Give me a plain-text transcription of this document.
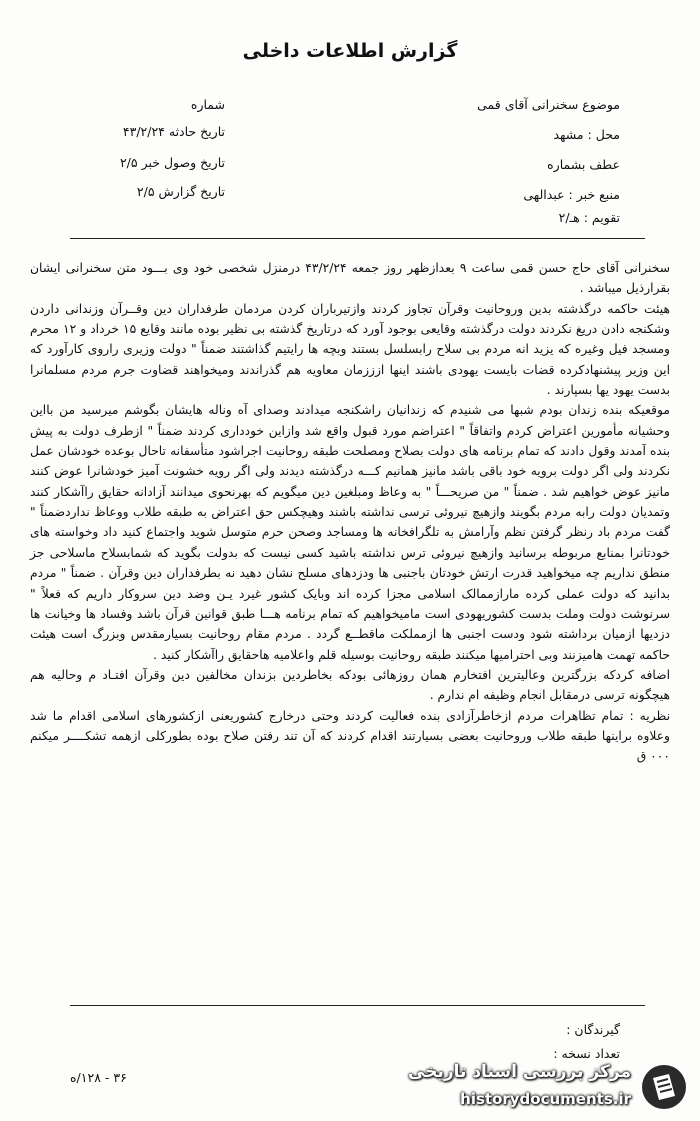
گزارش اطلاعات داخلی
موضوع سخنرانی آقای قمی
محل : مشهد
عطف بشماره
منبع خبر : عبدالهی
تقویم : هـ/۲
شماره
تاریخ حادثه ۴۳/۲/۲۴
تاریخ وصول خبر ۲/۵
تاریخ گزارش ۲/۵

سخنرانی آقای حاج حسن قمی ساعت ۹ بعدازظهر روز جمعه ۴۳/۲/۲۴ درمنزل شخصی خود وی بـــود متن سخنرانی ایشان بقرارذیل میباشد .

هیئت حاکمه درگذشته بدین وروحانیت وقرآن تجاوز کردند وازتیرباران کردن مردمان طرفداران دین وقــرآن وزندانی داردن وشکنجه دادن دریغ نکردند دولت درگذشته وقایعی بوجود آورد که درتاریخ گذشته بی نظیر بوده مانند وقایع ۱۵ خرداد و ۱۲ محرم ومسجد فیل وغیره که یزید انه مردم بی سلاح رابسلسل بستند وبچه ها رایتیم گذاشتند ضمناً " دولت وزیری راروی کارآورد که این وزیر پیشنهادکرده قضات بایست یهودی باشند اینها ازززمان معاویه هم گذراندند ومیخواهند قضاوت جرم مردم مسلمانرا بدست یهود یها بسپارند .

موقعیکه بنده زندان بودم شبها می شنیدم که زندانیان راشکنجه میدادند وصدای آه وناله هایشان بگوشم میرسید من بااین وحشیانه مأمورین اعتراض کردم واتفاقاً " اعتراضم مورد قبول واقع شد وازاین خودداری کردند ضمناً " ازطرف دولت به پیش بنده آمدند وقول دادند که تمام برنامه های دولت بصلاح ومصلحت طبقه روحانیت اجراشود متأسفانه تاحال بوعده خودشان عمل نکردند ولی اگر دولت برویه خود باقی باشد مانیز همانیم کـــه درگذشته دیدند ولی اگر رویه خشونت آمیز خودشانرا عوض کنند مانیز عوض خواهیم شد . ضمناً " من صریحـــاً " به وعاظ ومبلغین دین میگویم که بهرنحوی میدانند آزادانه حقایق راآشکار کنند وتمدیان دولت رابه مردم بگویند وازهیچ نیروئی ترسی نداشته باشند وهیچکس حق اعتراض به طبقه طلاب ووعاظ نداردضمناً " گفت مردم باد رنظر گرفتن نظم وآرامش به تلگرافخانه ها ومساجد وصحن حرم متوسل شوید واجتماع کنید داد وخواسته های خودتانرا بمنابع مربوطه برسانید وازهیچ نیروئی ترس نداشته باشید کسی نیست که بدولت بگوید که شمابسلاح ماسلاحی جز منطق نداریم چه میخواهید قدرت ارتش خودتان باجنبی ها ودزدهای مسلح نشان دهید نه بطرفداران دین وقرآن . ضمناً " مردم بدانید که دولت عملی کرده مارازممالک اسلامی مجزا کرده اند وبایک کشور غیرد یـن وضد دین سروکار داریم که فعلاً " سرنوشت دولت وملت بدست کشوریهودی است مامیخواهیم که تمام برنامه هـــا طبق قوانین قرآن باشد وفساد ها وخیانت ها دزدیها ازمیان برداشته شود ودست اجنبی ها ازمملکت ماقطــع گردد . مردم مقام روحانیت بسیارمقدس وبزرگ است هیئت حاکمه تهمت هامیزنند وبی احترامیها میکنند طبقه روحانیت بوسیله قلم واعلامیه هاحقایق راآشکار کنید .

اضافه کردکه بزرگترین وعالیترین افتخارم همان روزهائی بودکه بخاطردین بزندان مخالفین دین وقرآن افتـاد م وحالیه هم هیچگونه ترسی درمقابل انجام وظیفه ام ندارم .

نظریه : تمام تظاهرات مردم ازخاطرآزادی بنده فعالیت کردند وحتی درخارج کشوریعنی ازکشورهای اسلامی اقدام ما شد وعلاوه براینها طبقه طلاب وروحانیت بعضی بسیارتند اقدام کردند که آن تند رفتن صلاح بوده بطورکلی ازهمه تشکــــر میکنم ۰۰۰ ق

گیرندگان :
تعداد نسخه :
۳۶ - ۱۲۸/ه	مرکز بررسی اسناد تاریخی
historydocuments.ir
